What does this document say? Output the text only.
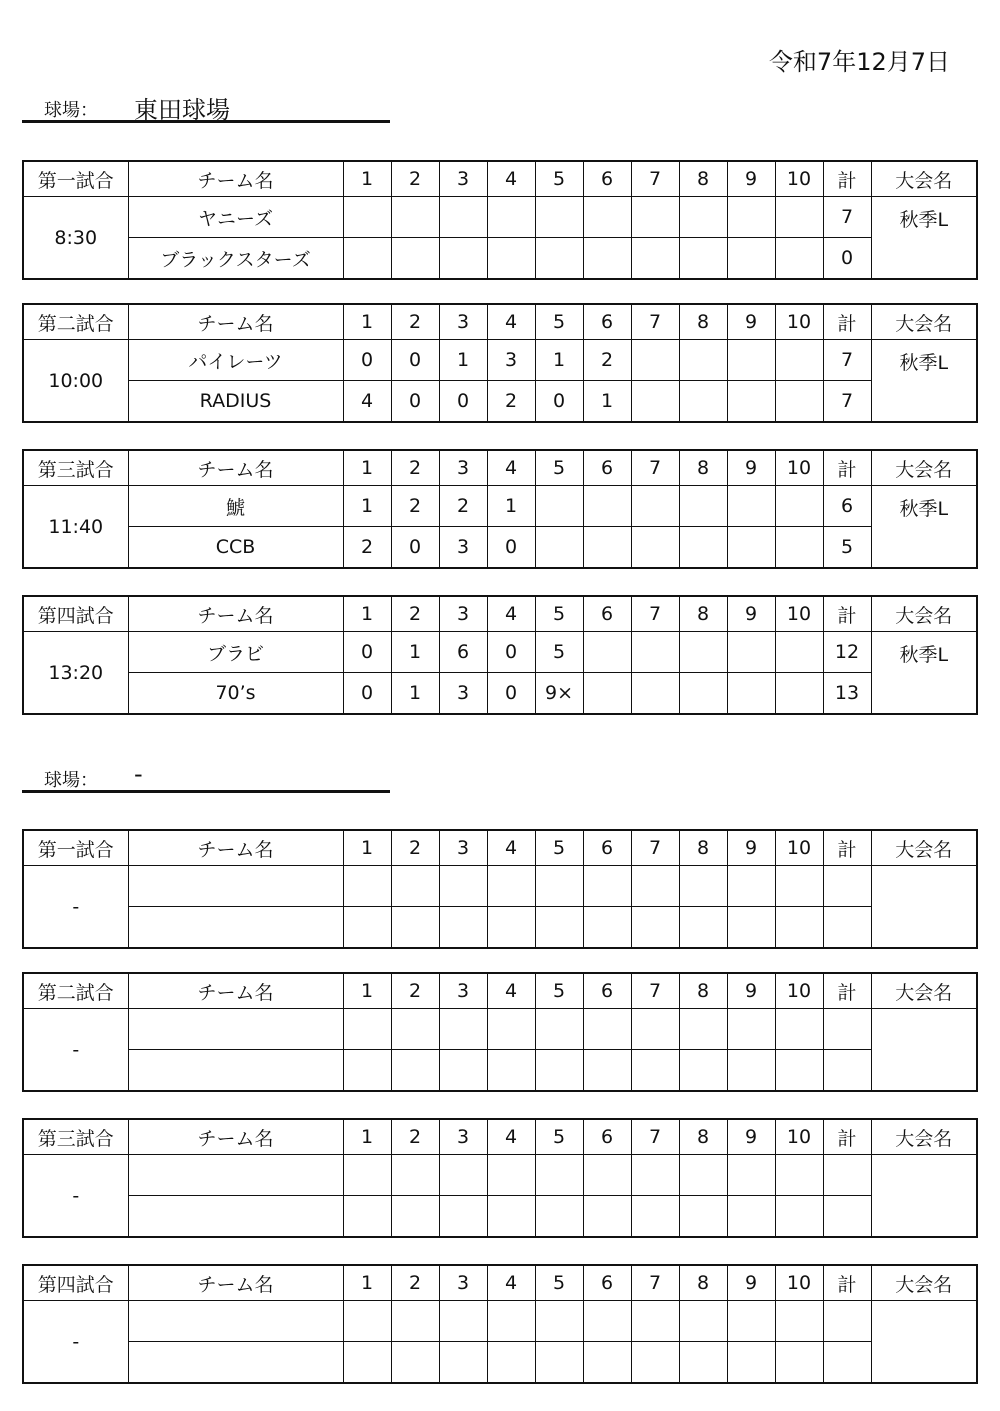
令和7年12月7日
球場： 東田球場
第一試合	チーム名	1	2	3	4	5	6	7	8	9	10	計	大会名
8:30	ヤニーズ											7	秋季L
	ブラックスターズ											0	
第二試合	チーム名	1	2	3	4	5	6	7	8	9	10	計	大会名
10:00	パイレーツ	0	0	1	3	1	2					7	秋季L
	RADIUS	4	0	0	2	0	1					7	
第三試合	チーム名	1	2	3	4	5	6	7	8	9	10	計	大会名
11:40	鯱	1	2	2	1							6	秋季L
	CCB	2	0	3	0							5	
第四試合	チーム名	1	2	3	4	5	6	7	8	9	10	計	大会名
13:20	ブラビ	0	1	6	0	5						12	秋季L
	70’s	0	1	3	0	9×						13	
球場： -
第一試合	チーム名	1	2	3	4	5	6	7	8	9	10	計	大会名
-													

第二試合	チーム名	1	2	3	4	5	6	7	8	9	10	計	大会名
-													

第三試合	チーム名	1	2	3	4	5	6	7	8	9	10	計	大会名
-													

第四試合	チーム名	1	2	3	4	5	6	7	8	9	10	計	大会名
-													
